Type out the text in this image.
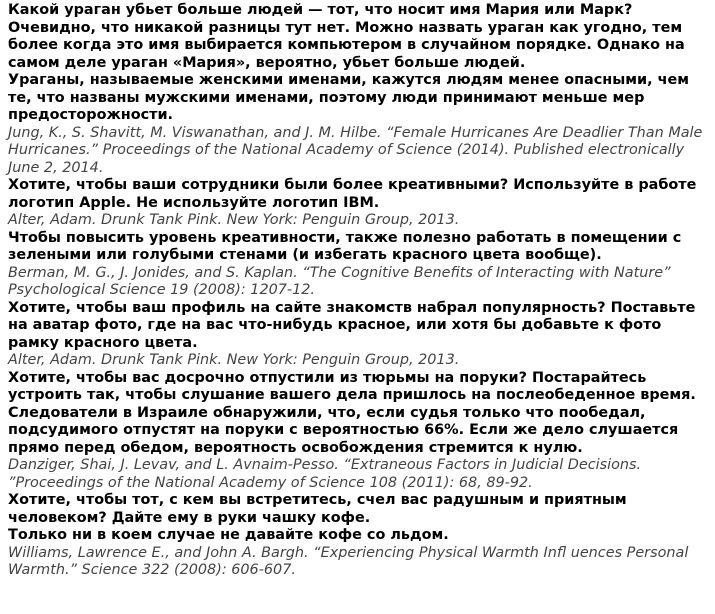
Какой ураган убьет больше людей — тот, что носит имя Мария или Марк? Очевидно, что никакой разницы тут нет. Можно назвать ураган как угодно, тем более когда это имя выбирается компьютером в случайном порядке. Однако на самом деле ураган «Мария», вероятно, убьет больше людей.

Ураганы, называемые женскими именами, кажутся людям менее опасными, чем те, что названы мужскими именами, поэтому люди принимают меньше мер предосторожности.

Jung, K., S. Shavitt, M. Viswanathan, and J. M. Hilbe. “Female Hurricanes Are Deadlier Than Male Hurricanes.” Proceedings of the National Academy of Science (2014). Published electronically June 2, 2014.

Хотите, чтобы ваши сотрудники были более креативными? Используйте в работе логотип Apple. Не используйте логотип IBM.

Alter, Adam. Drunk Tank Pink. New York: Penguin Group, 2013.

Чтобы повысить уровень креативности, также полезно работать в помещении с зелеными или голубыми стенами (и избегать красного цвета вообще).

Berman, M. G., J. Jonides, and S. Kaplan. “The Cognitive Benefits of Interacting with Nature” Psychological Science 19 (2008): 1207-12.

Хотите, чтобы ваш профиль на сайте знакомств набрал популярность? Поставьте на аватар фото, где на вас что-нибудь красное, или хотя бы добавьте к фото рамку красного цвета.

Alter, Adam. Drunk Tank Pink. New York: Penguin Group, 2013.

Хотите, чтобы вас досрочно отпустили из тюрьмы на поруки? Постарайтесь устроить так, чтобы слушание вашего дела пришлось на послеобеденное время.

Следователи в Израиле обнаружили, что, если судья только что пообедал, подсудимого отпустят на поруки с вероятностью 66%. Если же дело слушается прямо перед обедом, вероятность освобождения стремится к нулю.

Danziger, Shai, J. Levav, and L. Avnaim-Pesso. “Extraneous Factors in Judicial Decisions. ”Proceedings of the National Academy of Science 108 (2011): 68, 89-92.

Хотите, чтобы тот, с кем вы встретитесь, счел вас радушным и приятным человеком? Дайте ему в руки чашку кофе.

Только ни в коем случае не давайте кофе со льдом.

Williams, Lawrence E., and John A. Bargh. “Experiencing Physical Warmth Infl uences Personal Warmth.” Science 322 (2008): 606-607.
